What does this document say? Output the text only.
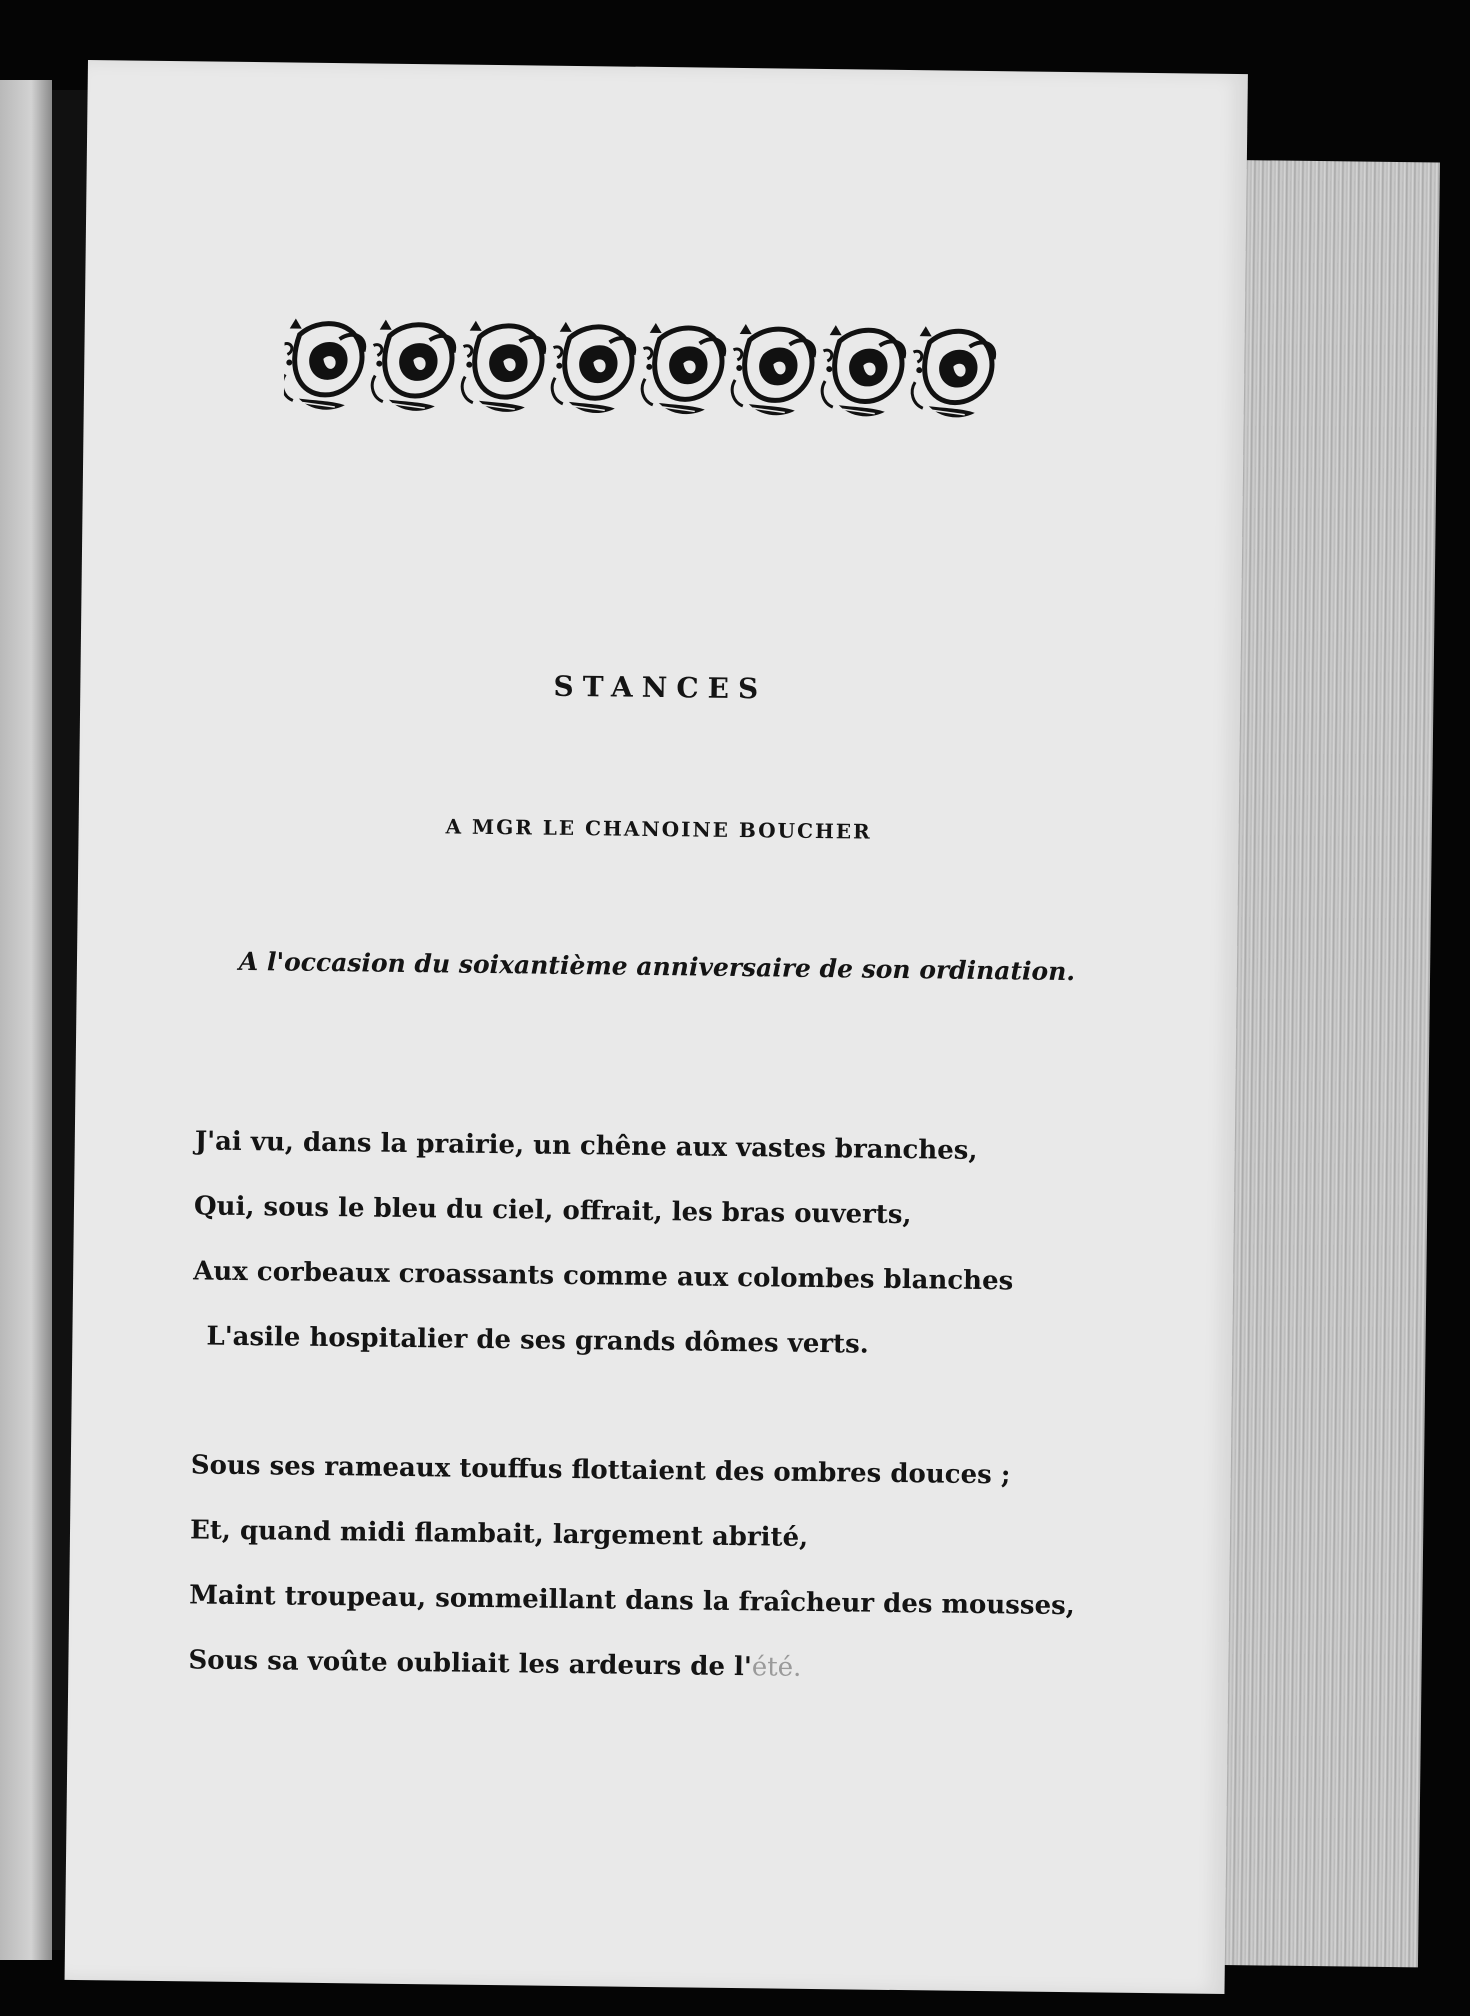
STANCES
A MGR LE CHANOINE BOUCHER

A l'occasion du soixantième anniversaire de son ordination.

J'ai vu, dans la prairie, un chêne aux vastes branches,
Qui, sous le bleu du ciel, offrait, les bras ouverts,
Aux corbeaux croassants comme aux colombes blanches
L'asile hospitalier de ses grands dômes verts.
Sous ses rameaux touffus flottaient des ombres douces ;
Et, quand midi flambait, largement abrité,
Maint troupeau, sommeillant dans la fraîcheur des mousses,
Sous sa voûte oubliait les ardeurs de l'été.
